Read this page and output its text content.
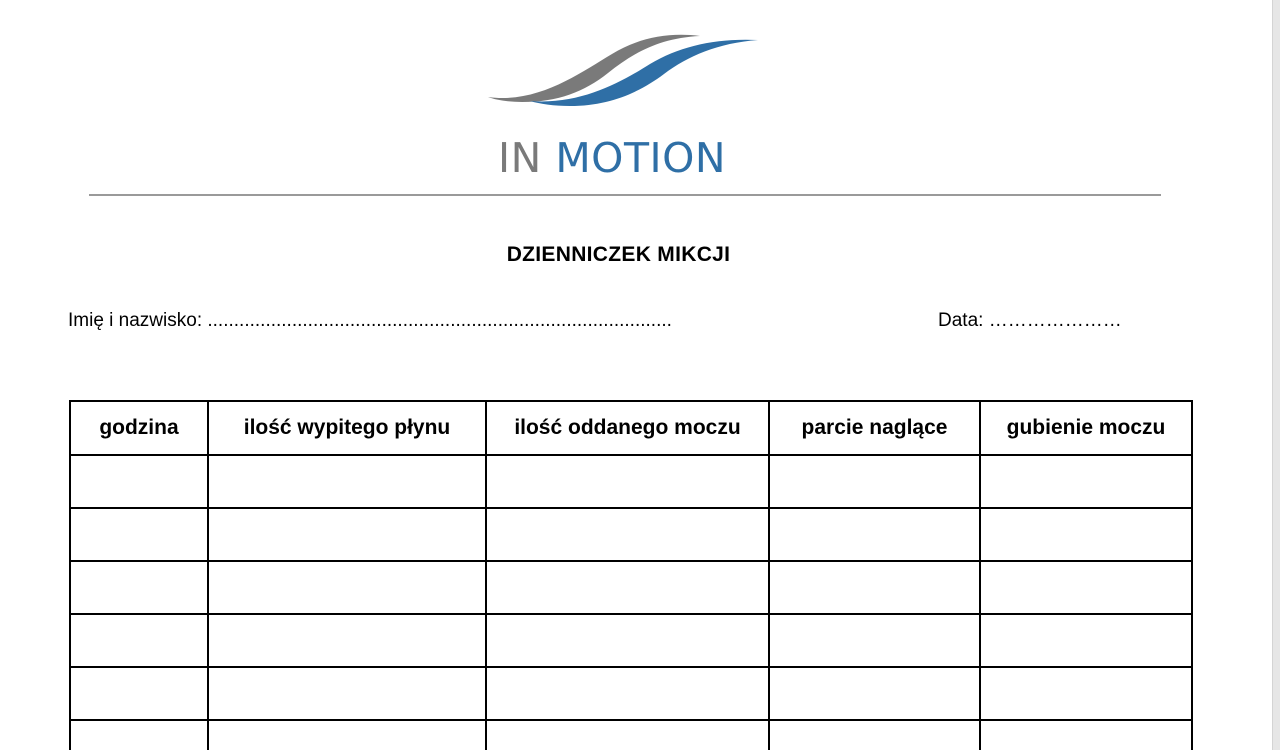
IN MOTION
DZIENNICZEK MIKCJI
Imię i nazwisko: ........................................................................................	Data: …………………
godzina	ilość wypitego płynu	ilość oddanego moczu	parcie naglące	gubienie moczu
